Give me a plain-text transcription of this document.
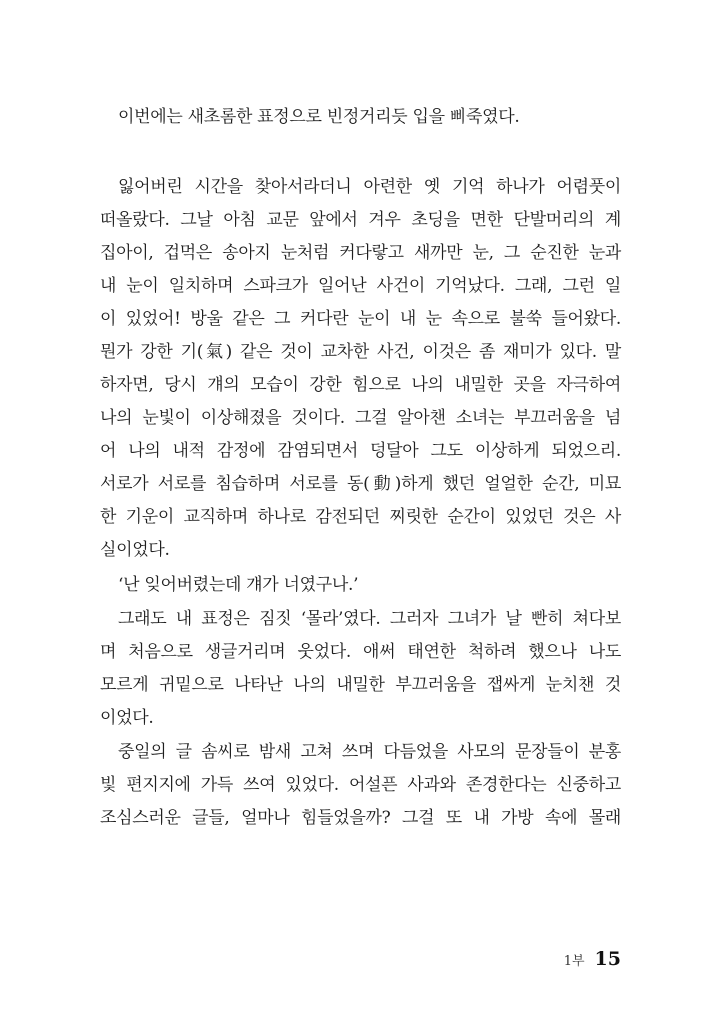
이번에는 새초롬한 표정으로 빈정거리듯 입을 삐죽였다.
잃어버린 시간을 찾아서라더니 아련한 옛 기억 하나가 어렴풋이
떠올랐다. 그날 아침 교문 앞에서 겨우 초딩을 면한 단발머리의 계
집아이, 겁먹은 송아지 눈처럼 커다랗고 새까만 눈, 그 순진한 눈과
내 눈이 일치하며 스파크가 일어난 사건이 기억났다. 그래, 그런 일
이 있었어! 방울 같은 그 커다란 눈이 내 눈 속으로 불쑥 들어왔다.
뭔가 강한 기(氣) 같은 것이 교차한 사건, 이것은 좀 재미가 있다. 말
하자면, 당시 걔의 모습이 강한 힘으로 나의 내밀한 곳을 자극하여
나의 눈빛이 이상해졌을 것이다. 그걸 알아챈 소녀는 부끄러움을 넘
어 나의 내적 감정에 감염되면서 덩달아 그도 이상하게 되었으리.
서로가 서로를 침습하며 서로를 동(動)하게 했던 얼얼한 순간, 미묘
한 기운이 교직하며 하나로 감전되던 찌릿한 순간이 있었던 것은 사
실이었다.
‘난 잊어버렸는데 걔가 너였구나.’
그래도 내 표정은 짐짓 ‘몰라’였다. 그러자 그녀가 날 빤히 쳐다보
며 처음으로 생글거리며 웃었다. 애써 태연한 척하려 했으나 나도
모르게 귀밑으로 나타난 나의 내밀한 부끄러움을 잽싸게 눈치챈 것
이었다.
중일의 글 솜씨로 밤새 고쳐 쓰며 다듬었을 사모의 문장들이 분홍
빛 편지지에 가득 쓰여 있었다. 어설픈 사과와 존경한다는 신중하고
조심스러운 글들, 얼마나 힘들었을까? 그걸 또 내 가방 속에 몰래
1부 15
